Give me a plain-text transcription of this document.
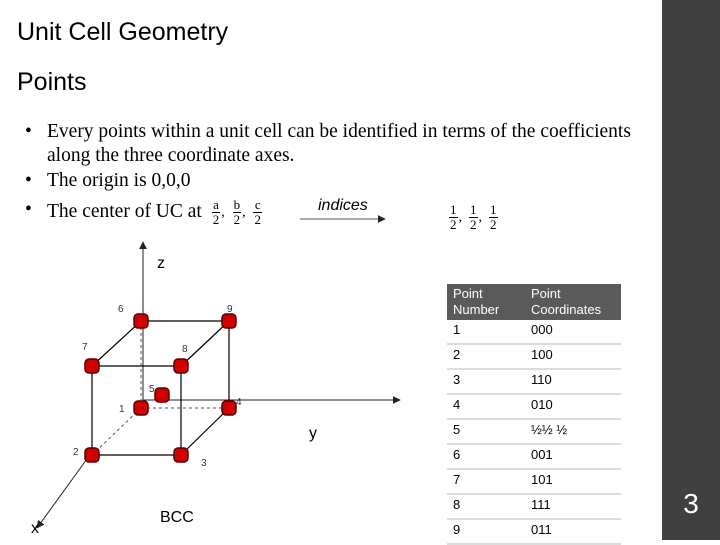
3
Unit Cell Geometry
Points
• Every points within a unit cell can be identified in terms of the coefficients along the three coordinate axes.
• The origin is 0,0,0
• The center of UC at $\frac{a}{2}$ , $\frac{b}{2}$ , $\frac{c}{2}$	indices	$\frac{1}{2}$ , $\frac{1}{2}$ , $\frac{1}{2}$
6	9
7	8
5
4
1
2
3
z
y
x
BCC
Point Number	Point Coordinates

1	000
2	100
3	110
4	010
5	½½ ½
6	001
7	101
8	111
9	011
